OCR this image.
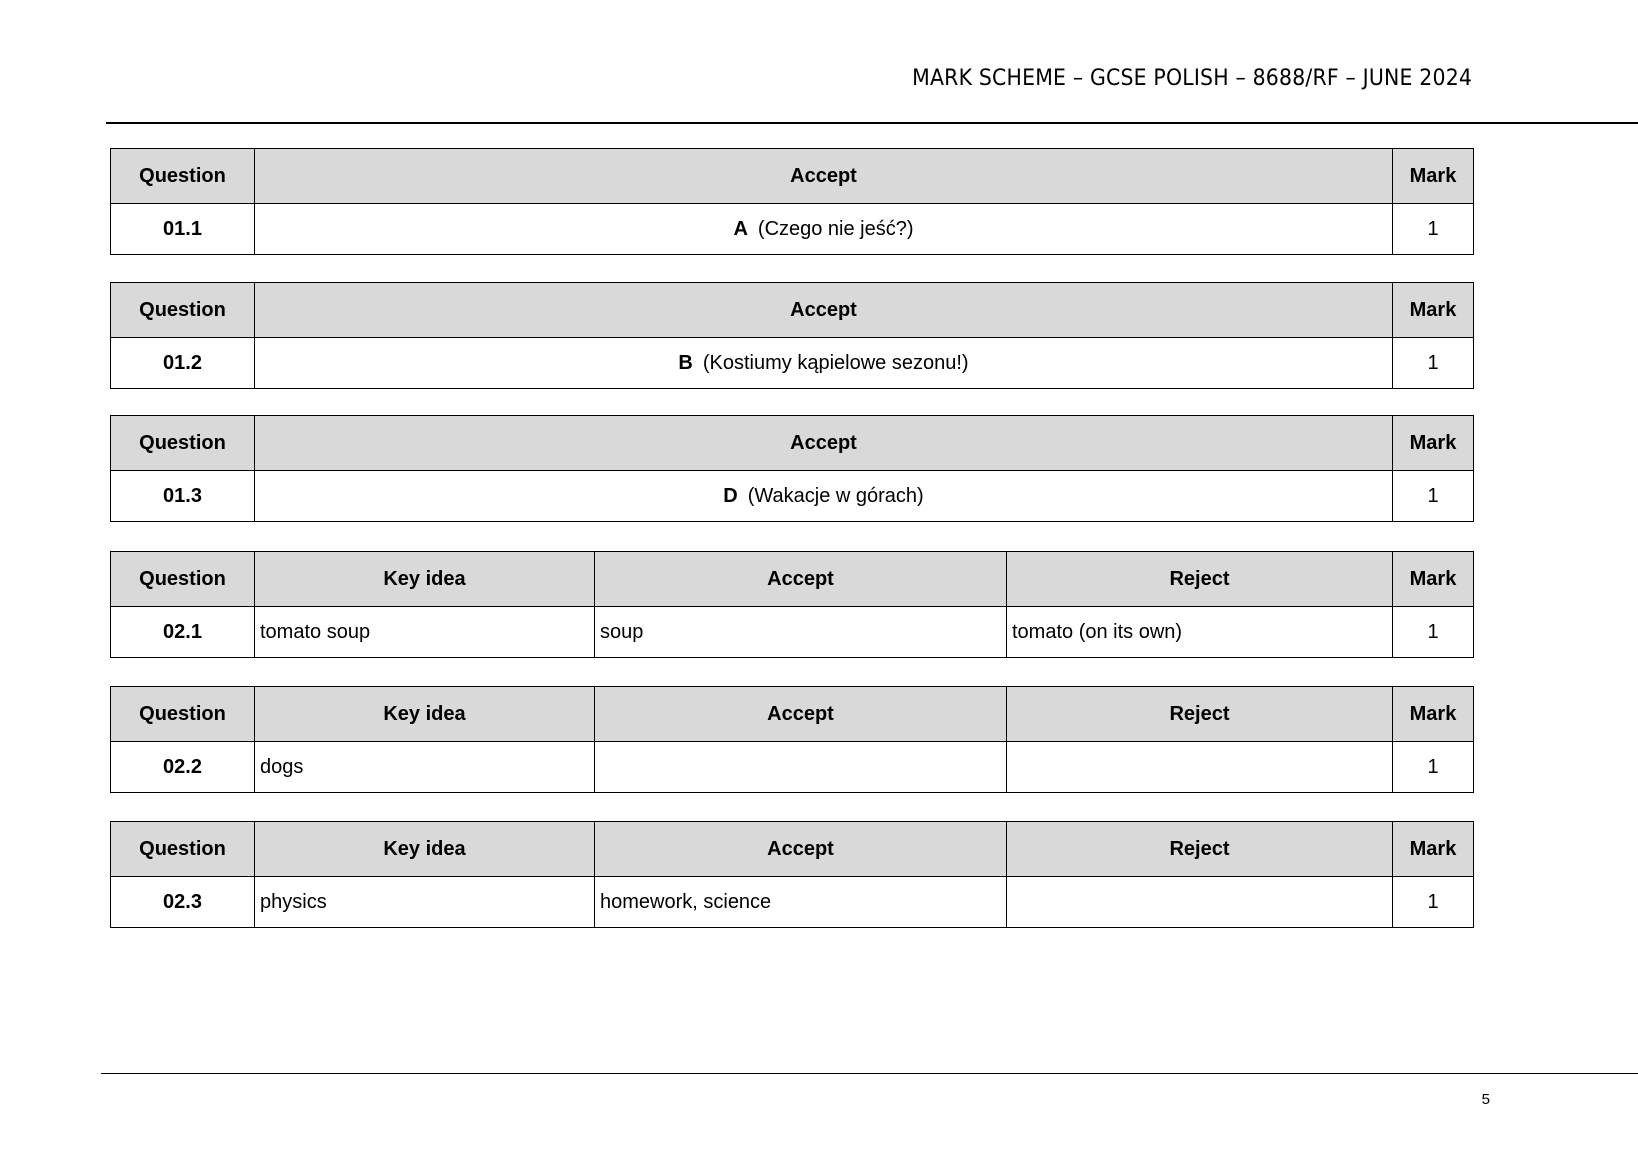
MARK SCHEME – GCSE POLISH – 8688/RF – JUNE 2024
Question	Accept	Mark
01.1	A (Czego nie jeść?)	1
Question	Accept	Mark
01.2	B (Kostiumy kąpielowe sezonu!)	1
Question	Accept	Mark
01.3	D (Wakacje w górach)	1
Question	Key idea	Accept	Reject	Mark
02.1	tomato soup	soup	tomato (on its own)	1
Question	Key idea	Accept	Reject	Mark
02.2	dogs			1
Question	Key idea	Accept	Reject	Mark
02.3	physics	homework, science		1
5
